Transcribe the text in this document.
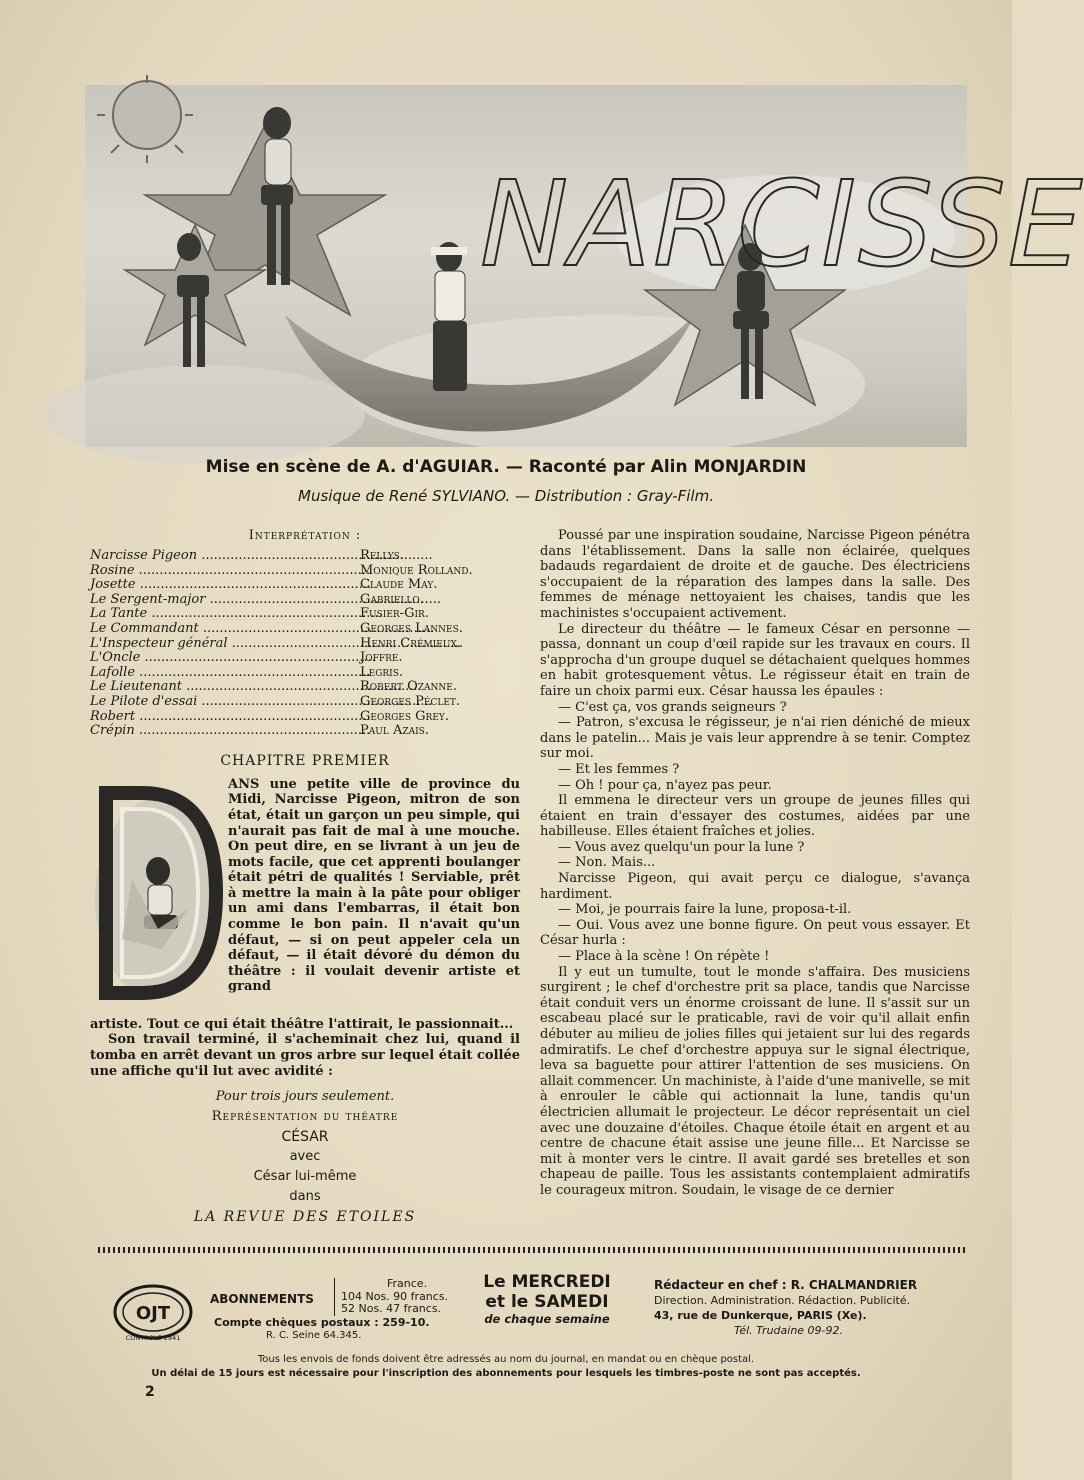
NARCISSE
Mise en scène de A. d'AGUIAR. — Raconté par Alin MONJARDIN
Musique de René SYLVIANO. — Distribution : Gray-Film.
Interprétation :
Narcisse Pigeon .....	Rellys.
Rosine .....	Monique Rolland.
Josette .....	Claude May.
Le Sergent-major .....	Gabriello.
La Tante .....	Fusier-Gir.
Le Commandant .....	Georges Lannes.
L'Inspecteur général .....	Henri Crémieux.
L'Oncle .....	Joffre.
Lafolle .....	Legris.
Le Lieutenant .....	Robert Ozanne.
Le Pilote d'essai .....	Georges Péclet.
Robert .....	Georges Grey.
Crépin .....	Paul Azais.
CHAPITRE PREMIER
ANS une petite ville de province du Midi, Narcisse Pigeon, mitron de son état, était un garçon un peu simple, qui n'aurait pas fait de mal à une mouche. On peut dire, en se livrant à un jeu de mots facile, que cet apprenti boulanger était pétri de qualités ! Serviable, prêt à mettre la main à la pâte pour obliger un ami dans l'embarras, il était bon comme le bon pain. Il n'avait qu'un défaut, — si on peut appeler cela un défaut, — il était dévoré du démon du théâtre : il voulait devenir artiste et grand

artiste. Tout ce qui était théâtre l'attirait, le passionnait...

Son travail terminé, il s'acheminait chez lui, quand il tomba en arrêt devant un gros arbre sur lequel était collée une affiche qu'il lut avec avidité :

Pour trois jours seulement.
Représentation du théatre
CÉSAR
avec
César lui-même
dans
LA REVUE DES ETOILES

Poussé par une inspiration soudaine, Narcisse Pigeon pénétra dans l'établissement. Dans la salle non éclairée, quelques badauds regardaient de droite et de gauche. Des électriciens s'occupaient de la réparation des lampes dans la salle. Des femmes de ménage nettoyaient les chaises, tandis que les machinistes s'occupaient activement.

Le directeur du théâtre — le fameux César en personne — passa, donnant un coup d'œil rapide sur les travaux en cours. Il s'approcha d'un groupe duquel se détachaient quelques hommes en habit grotesquement vêtus. Le régisseur était en train de faire un choix parmi eux. César haussa les épaules :

— C'est ça, vos grands seigneurs ?

— Patron, s'excusa le régisseur, je n'ai rien déniché de mieux dans le patelin... Mais je vais leur apprendre à se tenir. Comptez sur moi.

— Et les femmes ?

— Oh ! pour ça, n'ayez pas peur.

Il emmena le directeur vers un groupe de jeunes filles qui étaient en train d'essayer des costumes, aidées par une habilleuse. Elles étaient fraîches et jolies.

— Vous avez quelqu'un pour la lune ?

— Non. Mais...

Narcisse Pigeon, qui avait perçu ce dialogue, s'avança hardiment.

— Moi, je pourrais faire la lune, proposa-t-il.

— Oui. Vous avez une bonne figure. On peut vous essayer. Et César hurla :

— Place à la scène ! On répète !

Il y eut un tumulte, tout le monde s'affaira. Des musiciens surgirent ; le chef d'orchestre prit sa place, tandis que Narcisse était conduit vers un énorme croissant de lune. Il s'assit sur un escabeau placé sur le praticable, ravi de voir qu'il allait enfin débuter au milieu de jolies filles qui jetaient sur lui des regards admiratifs. Le chef d'orchestre appuya sur le signal électrique, leva sa baguette pour attirer l'attention de ses musiciens. On allait commencer. Un machiniste, à l'aide d'une manivelle, se mit à enrouler le câble qui actionnait la lune, tandis qu'un électricien allumait le projecteur. Le décor représentait un ciel avec une douzaine d'étoiles. Chaque étoile était en argent et au centre de chacune était assise une jeune fille... Et Narcisse se mit à monter vers le cintre. Il avait gardé ses bretelles et son chapeau de paille. Tous les assistants contemplaient admiratifs le courageux mitron. Soudain, le visage de ce dernier

OJT
CONTROLE 1941
ABONNEMENTS
France.
104 Nos. 90 francs.
52 Nos. 47 francs.
Compte chèques postaux : 259-10.
R. C. Seine 64.345.
Le MERCREDI
et le SAMEDI
de chaque semaine
Rédacteur en chef : R. CHALMANDRIER
Direction. Administration. Rédaction. Publicité.
43, rue de Dunkerque, PARIS (Xe).
Tél. Trudaine 09-92.
Tous les envois de fonds doivent être adressés au nom du journal, en mandat ou en chèque postal.
Un délai de 15 jours est nécessaire pour l'inscription des abonnements pour lesquels les timbres-poste ne sont pas acceptés.
2
